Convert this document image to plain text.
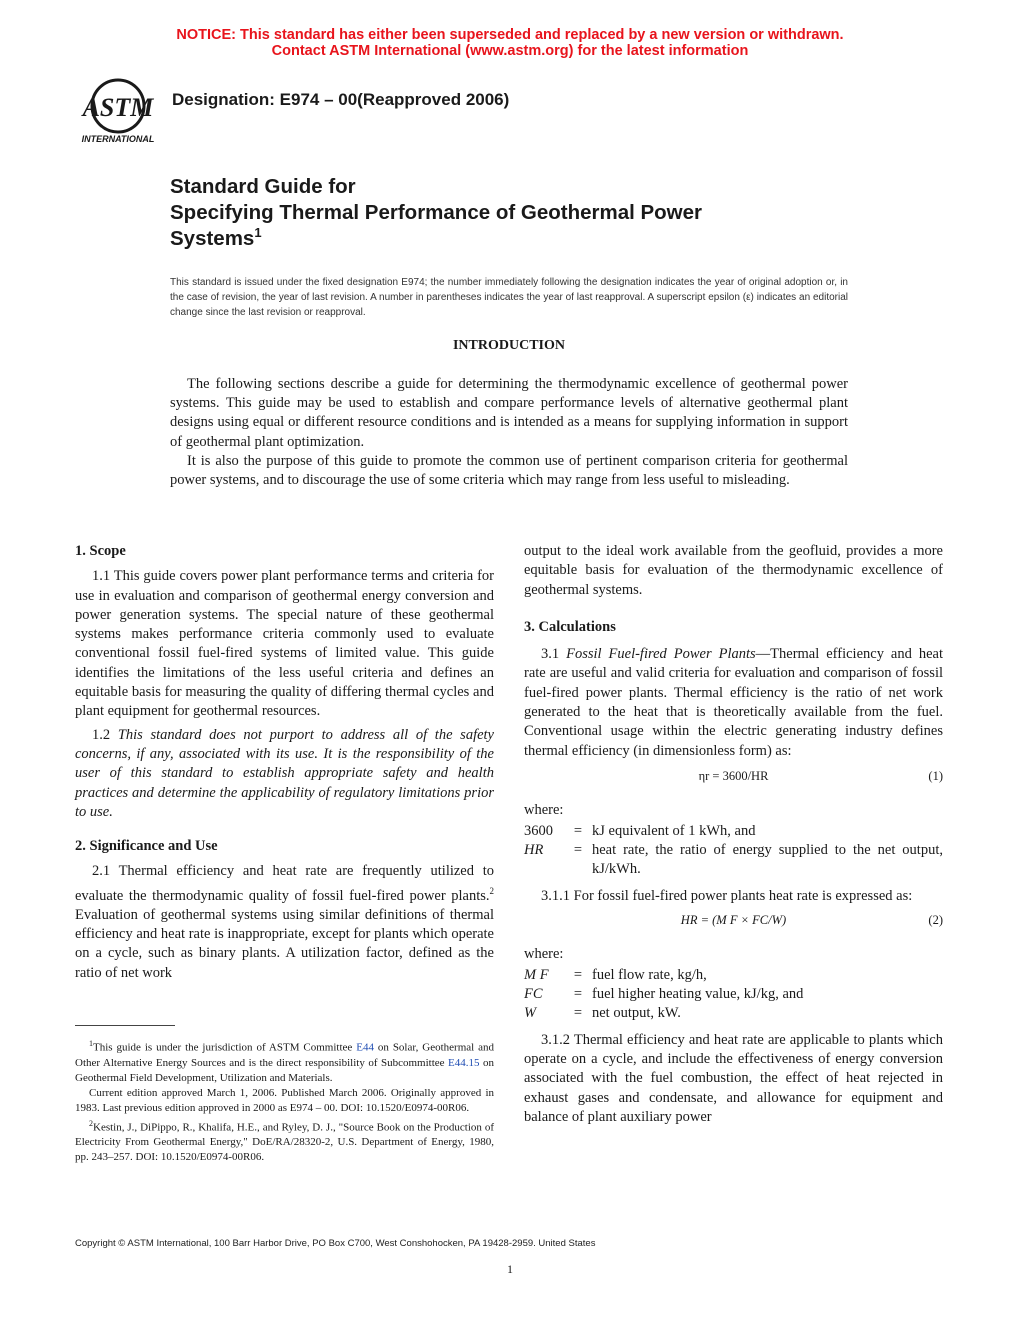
NOTICE: This standard has either been superseded and replaced by a new version or withdrawn.
Contact ASTM International (www.astm.org) for the latest information
ASTM
INTERNATIONAL
Designation: E974 – 00(Reapproved 2006)
Standard Guide for
Specifying Thermal Performance of Geothermal Power
Systems$^1$
This standard is issued under the fixed designation E974; the number immediately following the designation indicates the year of original adoption or, in the case of revision, the year of last revision. A number in parentheses indicates the year of last reapproval. A superscript epsilon (ε) indicates an editorial change since the last revision or reapproval.
INTRODUCTION

The following sections describe a guide for determining the thermodynamic excellence of geothermal power systems. This guide may be used to establish and compare performance levels of alternative geothermal plant designs using equal or different resource conditions and is intended as a means for supplying information in support of geothermal plant optimization.

It is also the purpose of this guide to promote the common use of pertinent comparison criteria for geothermal power systems, and to discourage the use of some criteria which may range from less useful to misleading.

1. Scope

1.1 This guide covers power plant performance terms and criteria for use in evaluation and comparison of geothermal energy conversion and power generation systems. The special nature of these geothermal systems makes performance criteria commonly used to evaluate conventional fossil fuel-fired systems of limited value. This guide identifies the limitations of the less useful criteria and defines an equitable basis for measuring the quality of differing thermal cycles and plant equipment for geothermal resources.

1.2 This standard does not purport to address all of the safety concerns, if any, associated with its use. It is the responsibility of the user of this standard to establish appropriate safety and health practices and determine the applicability of regulatory limitations prior to use.

2. Significance and Use

2.1 Thermal efficiency and heat rate are frequently utilized to evaluate the thermodynamic quality of fossil fuel-fired power plants.$^2$ Evaluation of geothermal systems using similar definitions of thermal efficiency and heat rate is inappropriate, except for plants which operate on a cycle, such as binary plants. A utilization factor, defined as the ratio of net work

$^1$This guide is under the jurisdiction of ASTM Committee E44 on Solar, Geothermal and Other Alternative Energy Sources and is the direct responsibility of Subcommittee E44.15 on Geothermal Field Development, Utilization and Materials.

Current edition approved March 1, 2006. Published March 2006. Originally approved in 1983. Last previous edition approved in 2000 as E974 – 00. DOI: 10.1520/E0974-00R06.

$^2$Kestin, J., DiPippo, R., Khalifa, H.E., and Ryley, D. J., "Source Book on the Production of Electricity From Geothermal Energy," DoE/RA/28320-2, U.S. Department of Energy, 1980, pp. 243–257. DOI: 10.1520/E0974-00R06.

output to the ideal work available from the geofluid, provides a more equitable basis for evaluation of the thermodynamic excellence of geothermal systems.

3. Calculations

3.1 Fossil Fuel-fired Power Plants—Thermal efficiency and heat rate are useful and valid criteria for evaluation and comparison of fossil fuel-fired power plants. Thermal efficiency is the ratio of net work generated to the heat that is theoretically available from the fuel. Conventional usage within the electric generating industry defines thermal efficiency (in dimensionless form) as:

ηr = 3600/HR	(1)
where:
3600	=	kJ equivalent of 1 kWh, and
HR	=	heat rate, the ratio of energy supplied to the net output, kJ/kWh.

3.1.1 For fossil fuel-fired power plants heat rate is expressed as:

HR = (M F × FC/W)	(2)
where:
M F	=	fuel flow rate, kg/h,
FC	=	fuel higher heating value, kJ/kg, and
W	=	net output, kW.

3.1.2 Thermal efficiency and heat rate are applicable to plants which operate on a cycle, and include the effectiveness of energy conversion associated with the fuel combustion, the effect of heat rejected in exhaust gases and condensate, and allowance for equipment and balance of plant auxiliary power

Copyright © ASTM International, 100 Barr Harbor Drive, PO Box C700, West Conshohocken, PA 19428-2959. United States
1
